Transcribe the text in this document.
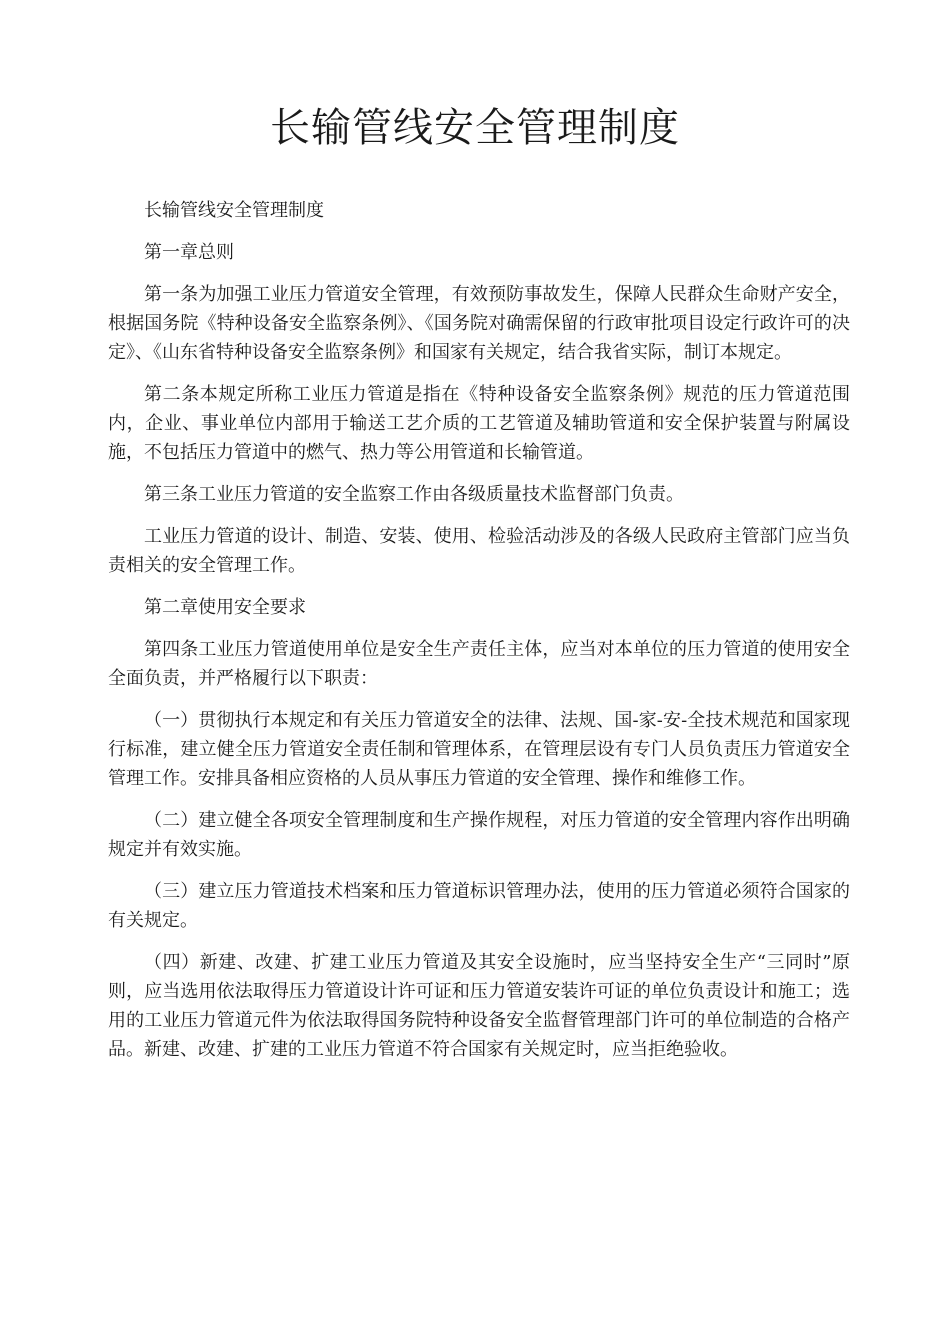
长输管线安全管理制度

长输管线安全管理制度

第一章总则

第一条为加强工业压力管道安全管理，有效预防事故发生，保障人民群众生命财产安全，根据国务院《特种设备安全监察条例》、《国务院对确需保留的行政审批项目设定行政许可的决定》、《山东省特种设备安全监察条例》和国家有关规定，结合我省实际，制订本规定。

第二条本规定所称工业压力管道是指在《特种设备安全监察条例》规范的压力管道范围内，企业、事业单位内部用于输送工艺介质的工艺管道及辅助管道和安全保护装置与附属设施，不包括压力管道中的燃气、热力等公用管道和长输管道。

第三条工业压力管道的安全监察工作由各级质量技术监督部门负责。

工业压力管道的设计、制造、安装、使用、检验活动涉及的各级人民政府主管部门应当负责相关的安全管理工作。

第二章使用安全要求

第四条工业压力管道使用单位是安全生产责任主体，应当对本单位的压力管道的使用安全全面负责，并严格履行以下职责：

（一）贯彻执行本规定和有关压力管道安全的法律、法规、国-家-安-全技术规范和国家现行标准，建立健全压力管道安全责任制和管理体系，在管理层设有专门人员负责压力管道安全管理工作。安排具备相应资格的人员从事压力管道的安全管理、操作和维修工作。

（二）建立健全各项安全管理制度和生产操作规程，对压力管道的安全管理内容作出明确规定并有效实施。

（三）建立压力管道技术档案和压力管道标识管理办法，使用的压力管道必须符合国家的有关规定。

（四）新建、改建、扩建工业压力管道及其安全设施时，应当坚持安全生产“三同时”原则，应当选用依法取得压力管道设计许可证和压力管道安装许可证的单位负责设计和施工；选用的工业压力管道元件为依法取得国务院特种设备安全监督管理部门许可的单位制造的合格产品。新建、改建、扩建的工业压力管道不符合国家有关规定时，应当拒绝验收。
